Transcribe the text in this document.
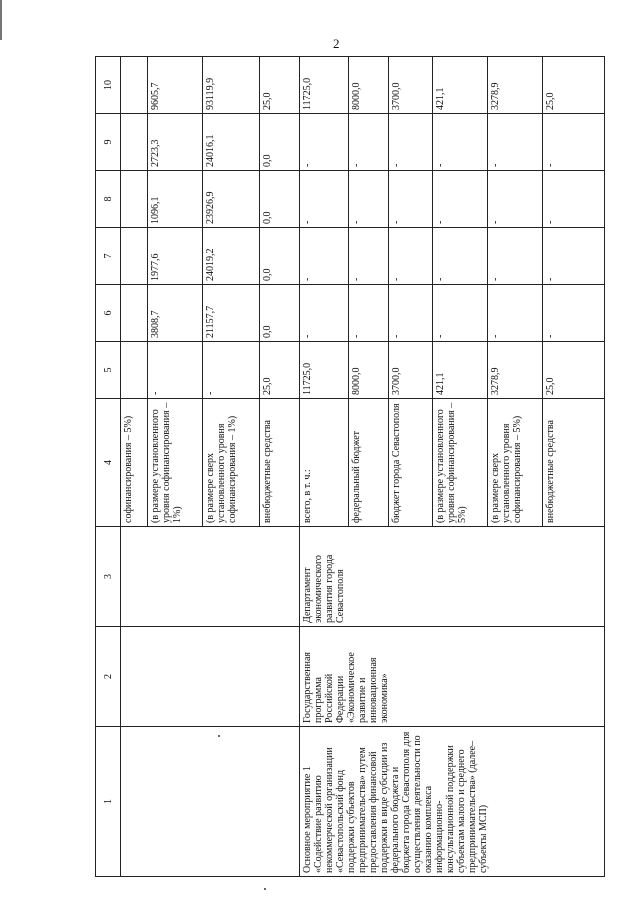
2
1	2	3	4	5	6	7	8	9	10
			софинансирования – 5%)						
			(в размере установленного уровня софинансирования – 1%)	-	3808,7	1977,6	1096,1	2723,3	9605,7
			(в размере сверх установленного уровня софинансирования – 1%)	-	21157,7	24019,2	23926,9	24016,1	93119,9
			внебюджетные средства	25,0	0,0	0,0	0,0	0,0	25,0
Основное мероприятие 1 «Содействие развитию некоммерческой организации «Севастопольский фонд поддержки субъектов предпринимательства» путем предоставления финансовой поддержки в виде субсидии из федерального бюджета и бюджета города Севастополя для осуществления деятельности по оказанию комплекса информационно-консультационной поддержки субъектам малого и среднего предпринимательства» (далее– субъекты МСП)	Государственная программа Российской Федерации «Экономическое развитие и инновационная экономика»	Департамент экономического развития города Севастополя	всего, в т. ч.:	11725,0	-	-	-	-	11725,0
			федеральный бюджет	8000,0	-	-	-	-	8000,0
			бюджет города Севастополя	3700,0	-	-	-	-	3700,0
			(в размере установленного уровня софинансирования – 5%)	421,1	-	-	-	-	421,1
			(в размере сверх установленного уровня софинансирования – 5%)	3278,9	-	-	-	-	3278,9
			внебюджетные средства	25,0	-	-	-	-	25,0
